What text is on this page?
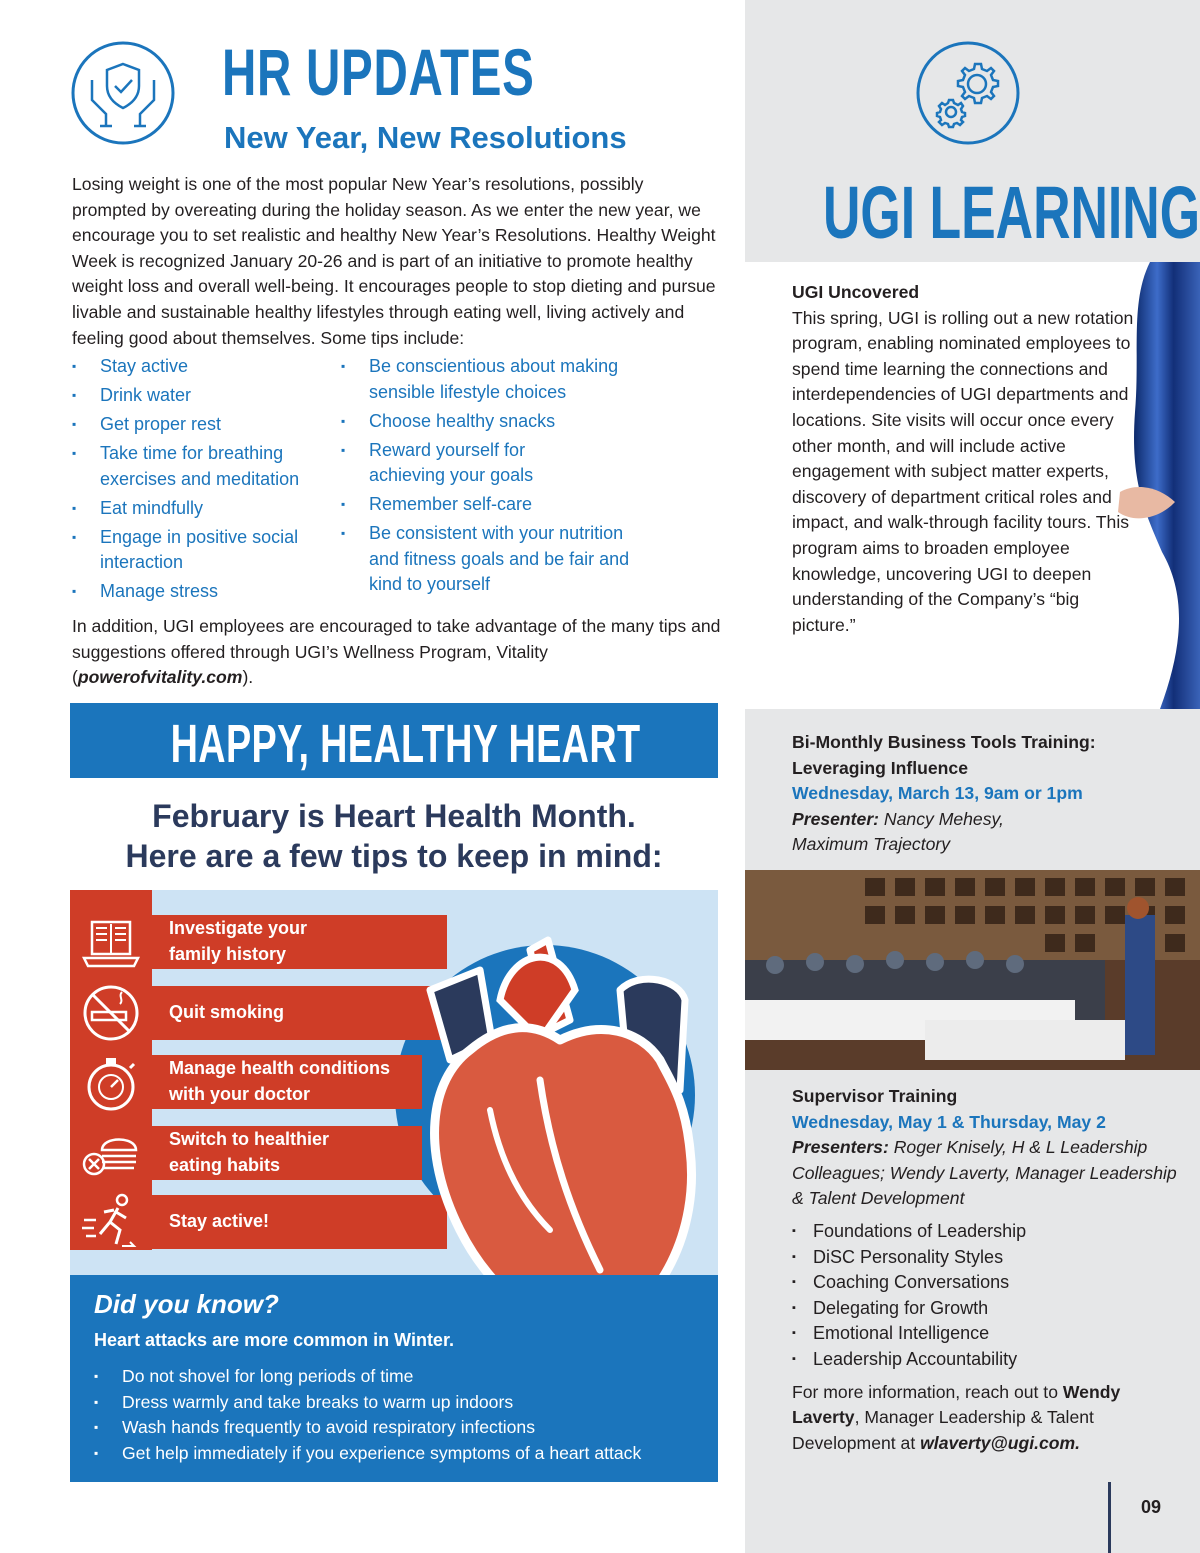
HR UPDATES
New Year, New Resolutions

Losing weight is one of the most popular New Year’s resolutions, possibly prompted by overeating during the holiday season. As we enter the new year, we encourage you to set realistic and healthy New Year’s Resolutions. Healthy Weight Week is recognized January 20-26 and is part of an initiative to promote healthy weight loss and overall well-being. It encourages people to stop dieting and pursue livable and sustainable healthy lifestyles through eating well, living actively and feeling good about themselves. Some tips include:

▪ Stay active
▪ Drink water
▪ Get proper rest
▪ Take time for breathing exercises and meditation
▪ Eat mindfully
▪ Engage in positive social interaction
▪ Manage stress
▪ Be conscientious about making sensible lifestyle choices
▪ Choose healthy snacks
▪ Reward yourself for achieving your goals
▪ Remember self-care
▪ Be consistent with your nutrition and fitness goals and be fair and kind to yourself

In addition, UGI employees are encouraged to take advantage of the many tips and suggestions offered through UGI’s Wellness Program, Vitality (powerofvitality.com).

HAPPY, HEALTHY HEART
February is Heart Health Month.
Here are a few tips to keep in mind:
Investigate your
family history
Quit smoking
Manage health conditions
with your doctor
Switch to healthier
eating habits
Stay active!
Did you know?
Heart attacks are more common in Winter.
▪ Do not shovel for long periods of time
▪ Dress warmly and take breaks to warm up indoors
▪ Wash hands frequently to avoid respiratory infections
▪ Get help immediately if you experience symptoms of a heart attack
UGI LEARNING
UGI Uncovered
This spring, UGI is rolling out a new rotation program, enabling nominated employees to spend time learning the connections and interdependencies of UGI departments and locations. Site visits will occur once every other month, and will include active engagement with subject matter experts, discovery of department critical roles and impact, and walk-through facility tours. This program aims to broaden employee knowledge, uncovering UGI to deepen understanding of the Company’s “big picture.”
Bi-Monthly Business Tools Training:
Leveraging Influence
Wednesday, March 13, 9am or 1pm
Presenter: Nancy Mehesy,
Maximum Trajectory
Supervisor Training
Wednesday, May 1 & Thursday, May 2
Presenters: Roger Knisely, H & L Leadership Colleagues; Wendy Laverty, Manager Leadership & Talent Development
▪ Foundations of Leadership
▪ DiSC Personality Styles
▪ Coaching Conversations
▪ Delegating for Growth
▪ Emotional Intelligence
▪ Leadership Accountability
For more information, reach out to Wendy Laverty, Manager Leadership & Talent Development at wlaverty@ugi.com.
09
